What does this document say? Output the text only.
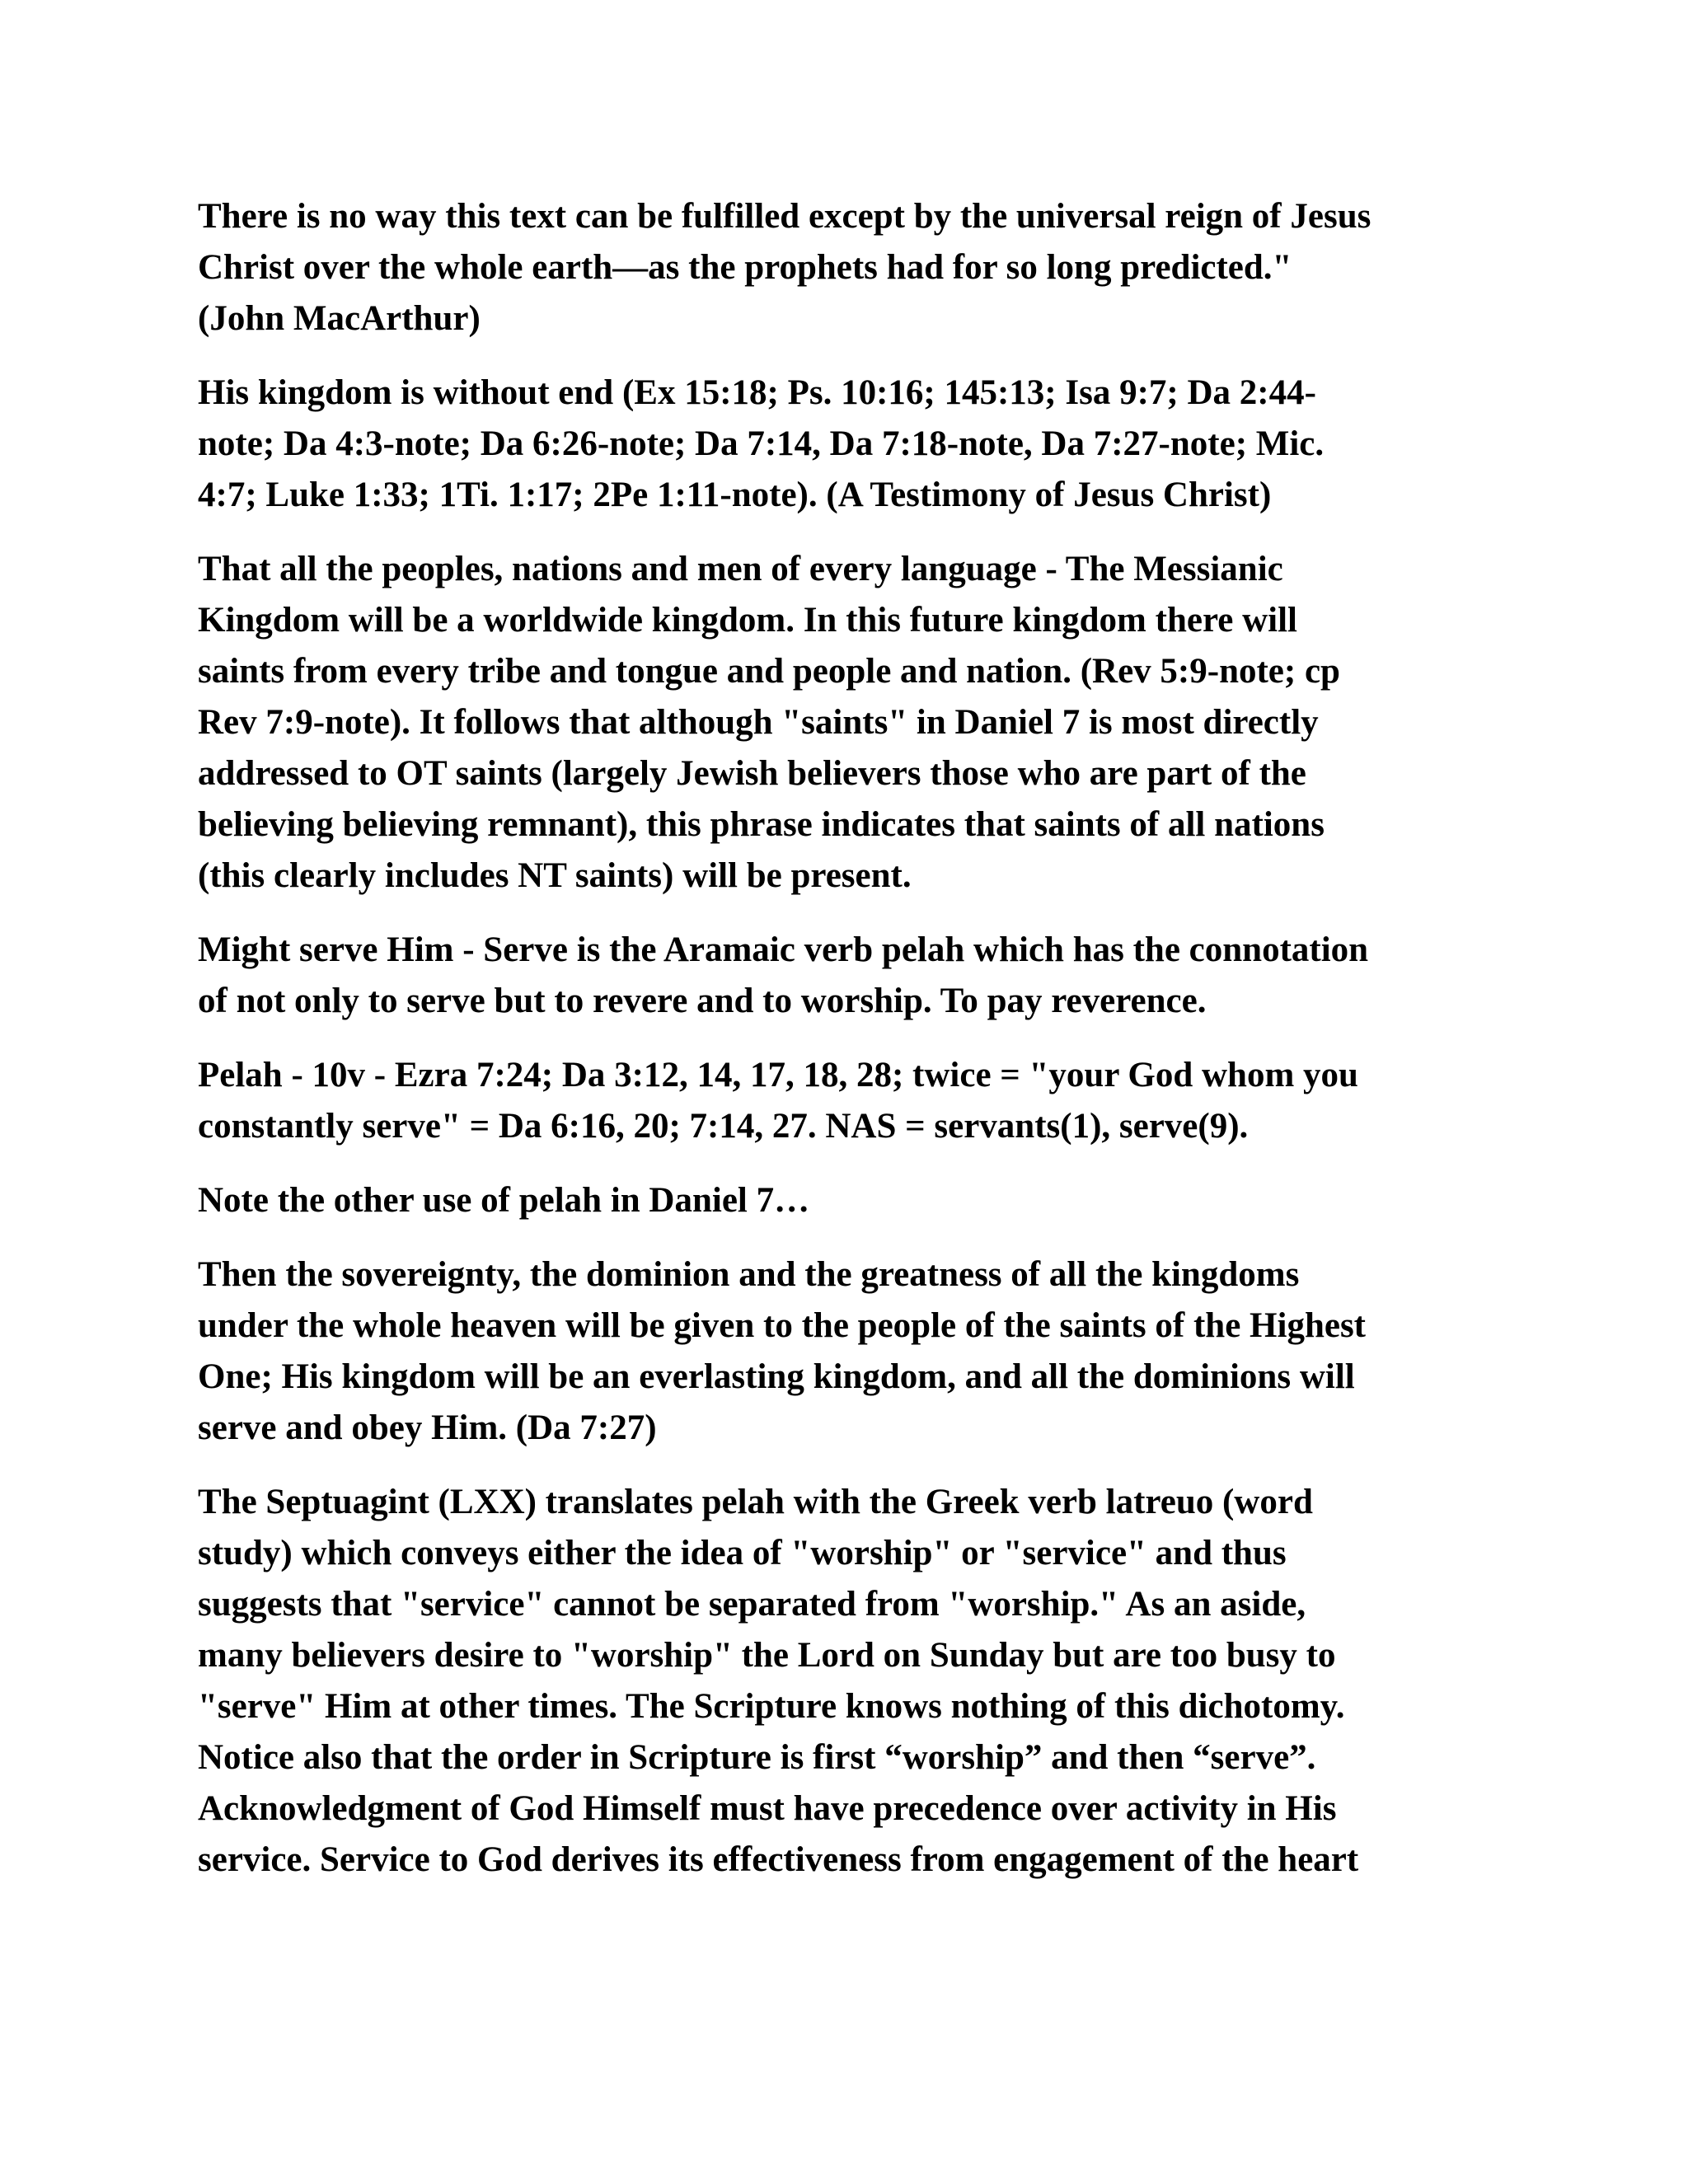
There is no way this text can be fulfilled except by the universal reign of Jesus
Christ over the whole earth—as the prophets had for so long predicted."
(John MacArthur)

His kingdom is without end (Ex 15:18; Ps. 10:16; 145:13; Isa 9:7; Da 2:44-
note; Da 4:3-note; Da 6:26-note; Da 7:14, Da 7:18-note, Da 7:27-note; Mic.
4:7; Luke 1:33; 1Ti. 1:17; 2Pe 1:11-note). (A Testimony of Jesus Christ)

That all the peoples, nations and men of every language - The Messianic
Kingdom will be a worldwide kingdom. In this future kingdom there will
saints from every tribe and tongue and people and nation. (Rev 5:9-note; cp
Rev 7:9-note). It follows that although "saints" in Daniel 7 is most directly
addressed to OT saints (largely Jewish believers those who are part of the
believing believing remnant), this phrase indicates that saints of all nations
(this clearly includes NT saints) will be present.

Might serve Him - Serve is the Aramaic verb pelah which has the connotation
of not only to serve but to revere and to worship. To pay reverence.

Pelah - 10v - Ezra 7:24; Da 3:12, 14, 17, 18, 28; twice = "your God whom you
constantly serve" = Da 6:16, 20; 7:14, 27. NAS = servants(1), serve(9).

Note the other use of pelah in Daniel 7…

Then the sovereignty, the dominion and the greatness of all the kingdoms
under the whole heaven will be given to the people of the saints of the Highest
One; His kingdom will be an everlasting kingdom, and all the dominions will
serve and obey Him. (Da 7:27)

The Septuagint (LXX) translates pelah with the Greek verb latreuo (word
study) which conveys either the idea of "worship" or "service" and thus
suggests that "service" cannot be separated from "worship." As an aside,
many believers desire to "worship" the Lord on Sunday but are too busy to
"serve" Him at other times. The Scripture knows nothing of this dichotomy.
Notice also that the order in Scripture is first “worship” and then “serve”.
Acknowledgment of God Himself must have precedence over activity in His
service. Service to God derives its effectiveness from engagement of the heart
